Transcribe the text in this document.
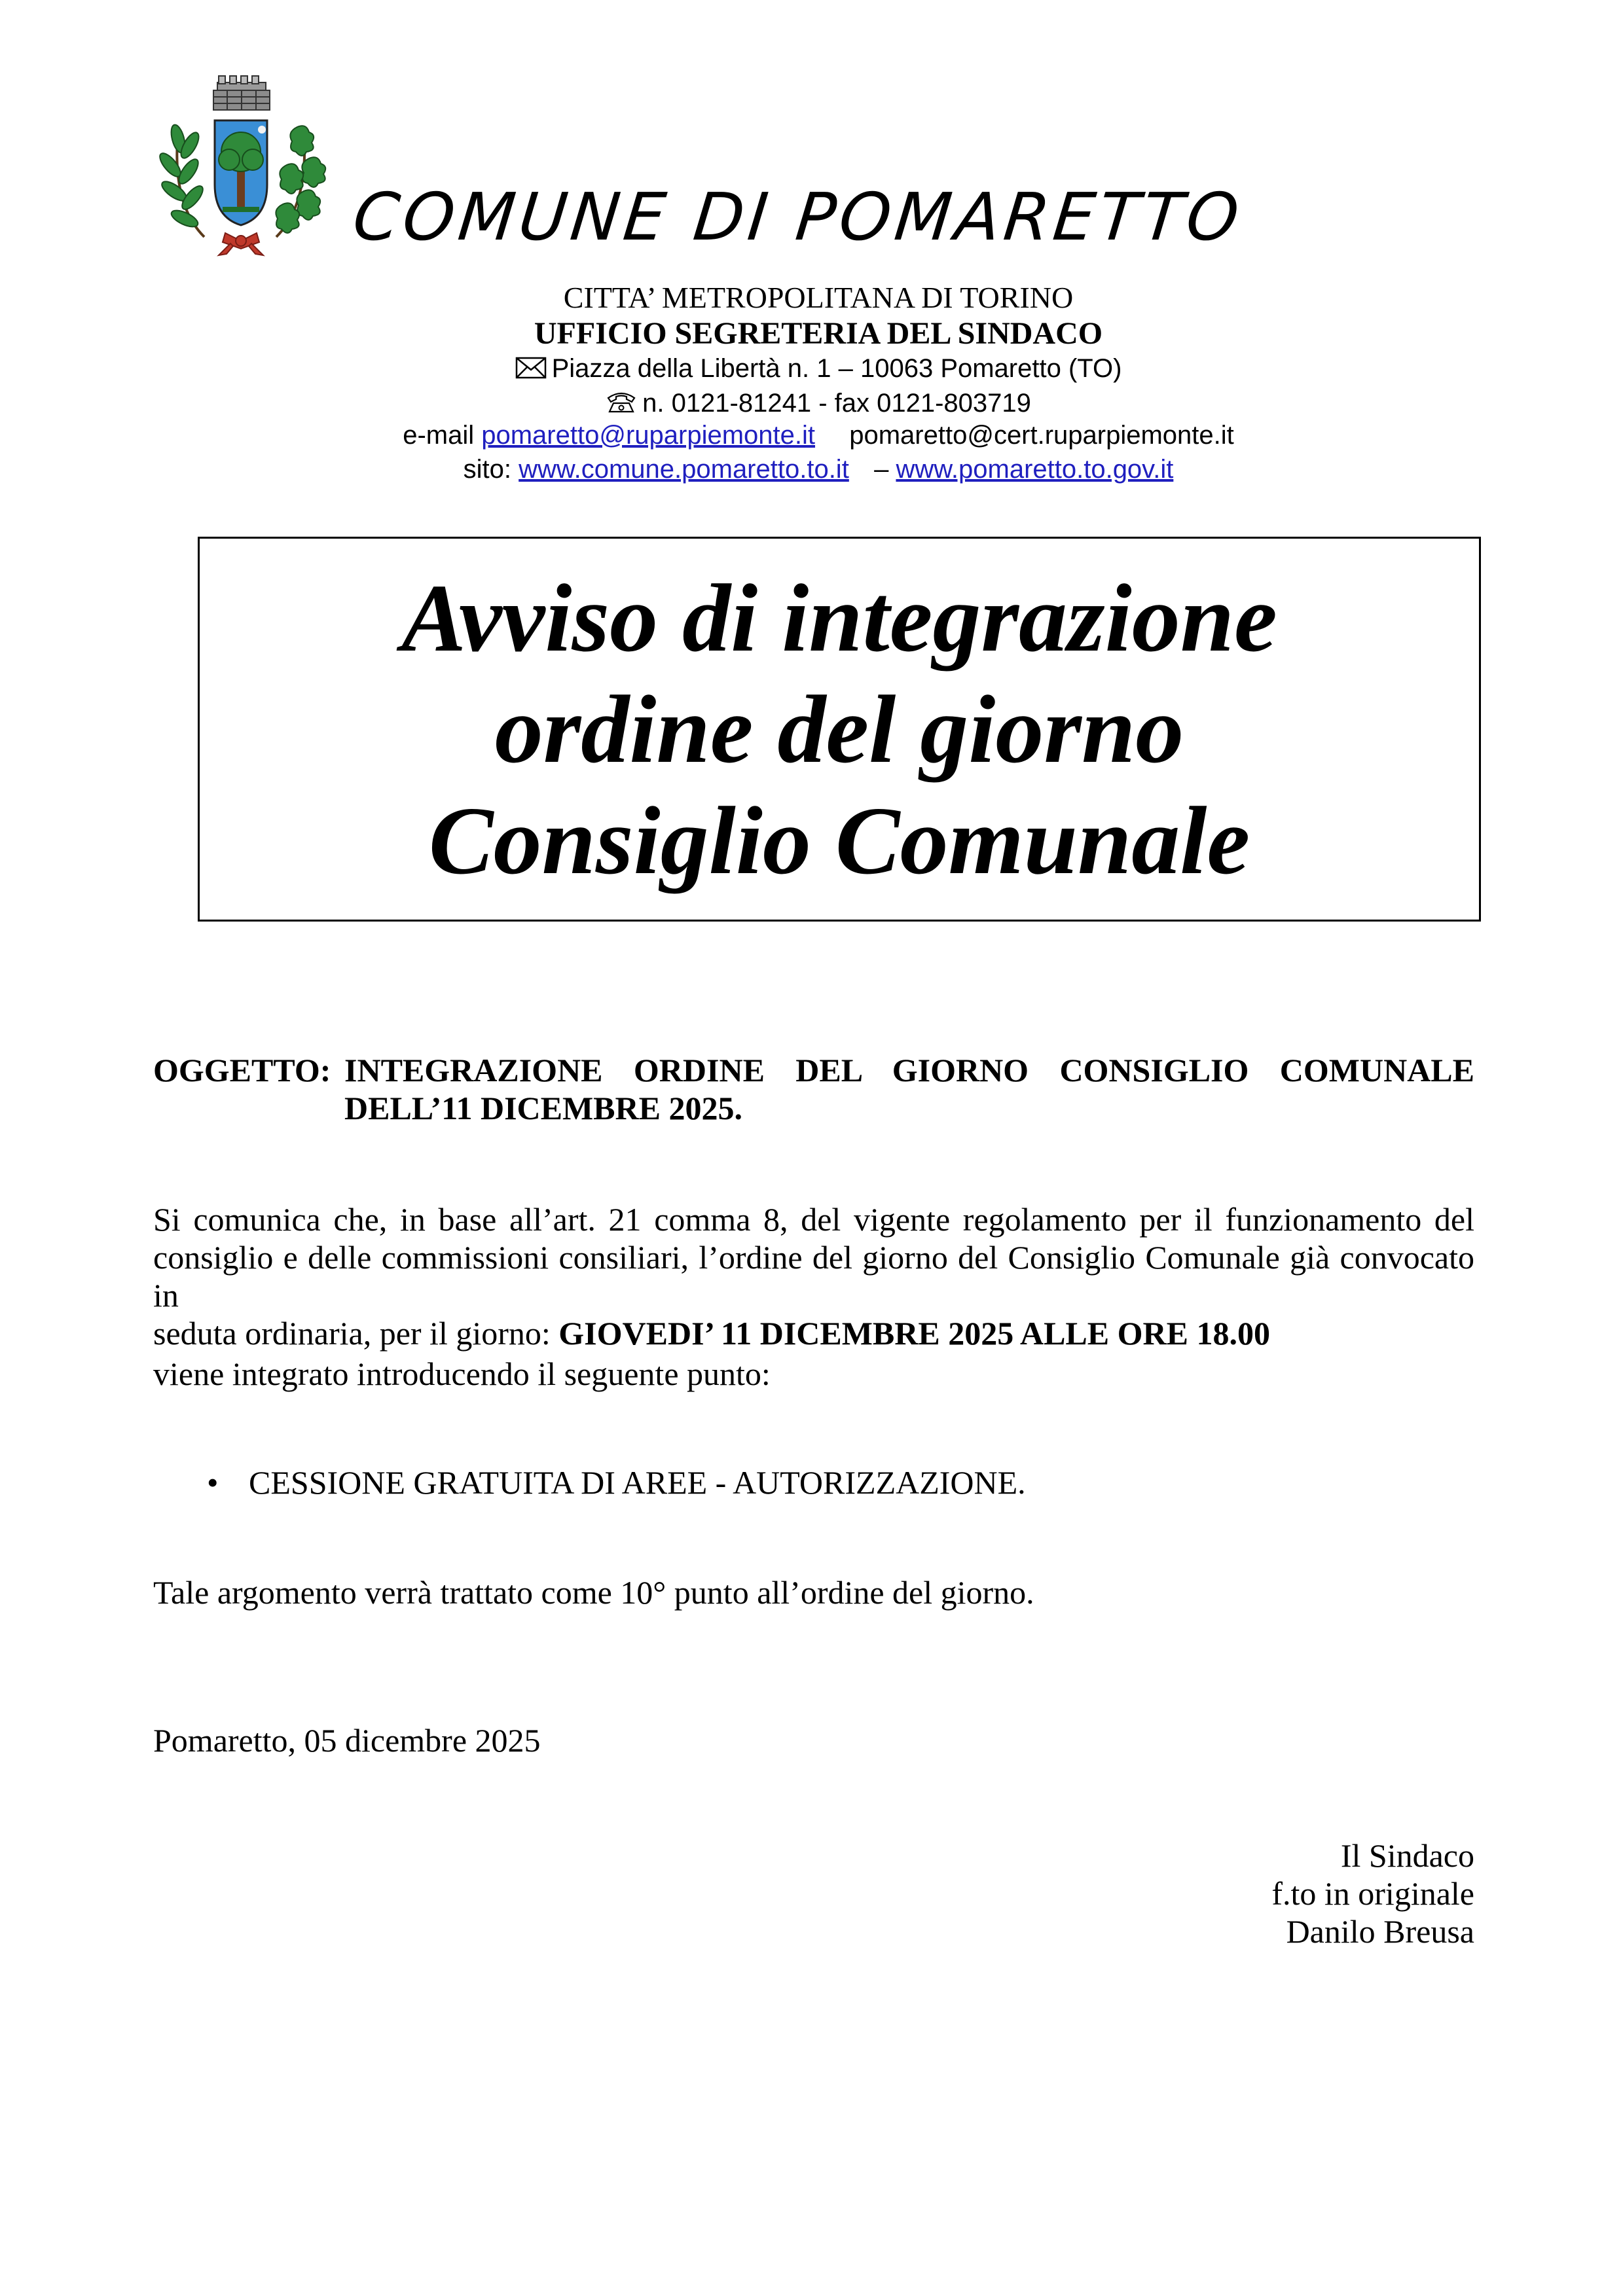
COMUNE DI POMARETTO
CITTA’ METROPOLITANA DI TORINO
UFFICIO SEGRETERIA DEL SINDACO
Piazza della Libertà n. 1 – 10063 Pomaretto (TO)
n. 0121-81241 - fax 0121-803719
e-mail pomaretto@ruparpiemonte.it pomaretto@cert.ruparpiemonte.it
sito: www.comune.pomaretto.to.it – www.pomaretto.to.gov.it
Avviso di integrazione
ordine del giorno
Consiglio Comunale
OGGETTO: INTEGRAZIONE ORDINE DEL GIORNO CONSIGLIO COMUNALE
DELL’11 DICEMBRE 2025.
Si comunica che, in base all’art. 21 comma 8, del vigente regolamento per il funzionamento del
consiglio e delle commissioni consiliari, l’ordine del giorno del Consiglio Comunale già convocato in
seduta ordinaria, per il giorno: GIOVEDI’ 11 DICEMBRE 2025 ALLE ORE 18.00
viene integrato introducendo il seguente punto:
• CESSIONE GRATUITA DI AREE - AUTORIZZAZIONE.
Tale argomento verrà trattato come 10° punto all’ordine del giorno.
Pomaretto, 05 dicembre 2025
Il Sindaco
f.to in originale
Danilo Breusa
